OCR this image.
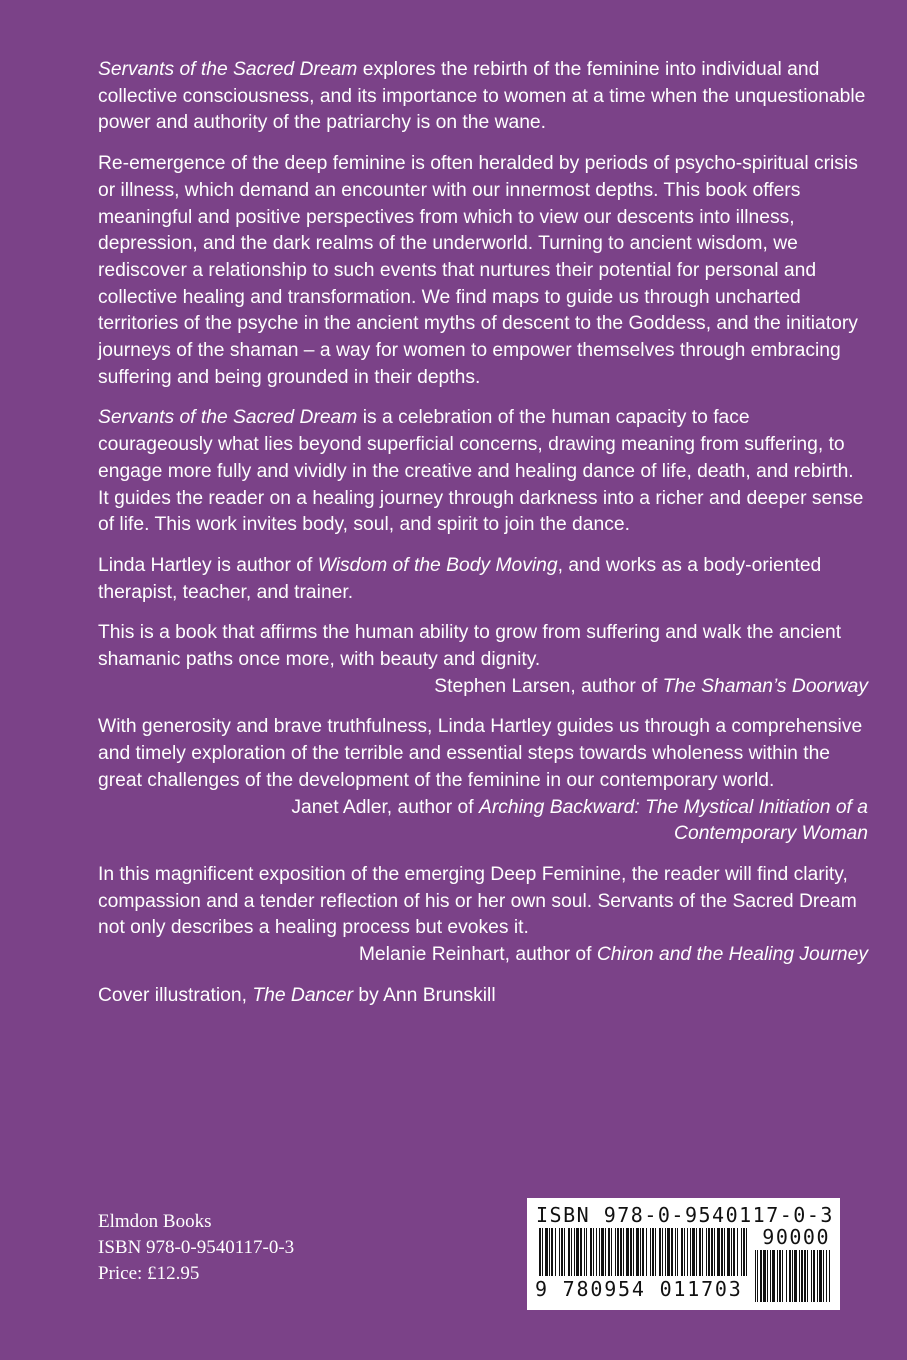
Servants of the Sacred Dream explores the rebirth of the feminine into individual and collective consciousness, and its importance to women at a time when the unquestionable power and authority of the patriarchy is on the wane.

Re-emergence of the deep feminine is often heralded by periods of psycho-spiritual crisis or illness, which demand an encounter with our innermost depths. This book offers meaningful and positive perspectives from which to view our descents into illness, depression, and the dark realms of the underworld. Turning to ancient wisdom, we rediscover a relationship to such events that nurtures their potential for personal and collective healing and transformation. We find maps to guide us through uncharted territories of the psyche in the ancient myths of descent to the Goddess, and the initiatory journeys of the shaman – a way for women to empower themselves through embracing suffering and being grounded in their depths.

Servants of the Sacred Dream is a celebration of the human capacity to face courageously what lies beyond superficial concerns, drawing meaning from suffering, to engage more fully and vividly in the creative and healing dance of life, death, and rebirth. It guides the reader on a healing journey through darkness into a richer and deeper sense of life. This work invites body, soul, and spirit to join the dance.

Linda Hartley is author of Wisdom of the Body Moving, and works as a body-oriented therapist, teacher, and trainer.

This is a book that affirms the human ability to grow from suffering and walk the ancient shamanic paths once more, with beauty and dignity.
Stephen Larsen, author of The Shaman’s Doorway

With generosity and brave truthfulness, Linda Hartley guides us through a comprehensive and timely exploration of the terrible and essential steps towards wholeness within the great challenges of the development of the feminine in our contemporary world.
Janet Adler, author of Arching Backward: The Mystical Initiation of a Contemporary Woman

In this magnificent exposition of the emerging Deep Feminine, the reader will find clarity, compassion and a tender reflection of his or her own soul. Servants of the Sacred Dream not only describes a healing process but evokes it.
Melanie Reinhart, author of Chiron and the Healing Journey

Cover illustration, The Dancer by Ann Brunskill

Elmdon Books
ISBN 978-0-9540117-0-3
Price: £12.95
ISBN 978-0-9540117-0-3
90000
9 780954 011703
